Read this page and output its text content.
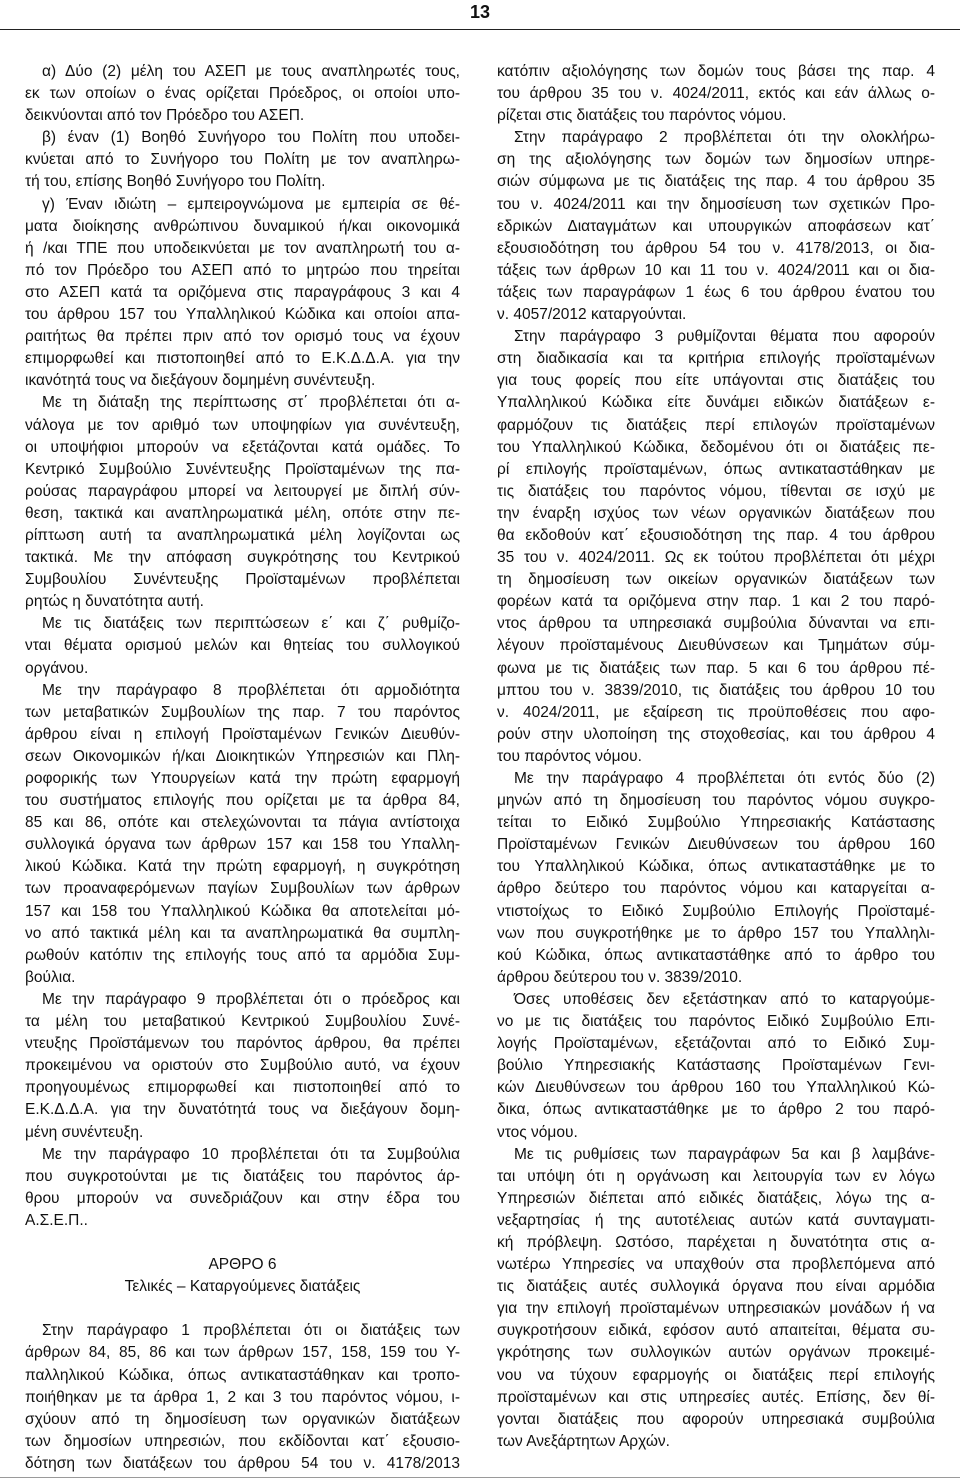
13
α) Δύο (2) μέλη του ΑΣΕΠ με τους αναπληρωτές τους,
εκ των οποίων ο ένας ορίζεται Πρόεδρος, οι οποίοι υπο-
δεικνύονται από τον Πρόεδρο του ΑΣΕΠ.
β) έναν (1) Βοηθό Συνήγορο του Πολίτη που υποδει-
κνύεται από το Συνήγορο του Πολίτη με τον αναπληρω-
τή του, επίσης Βοηθό Συνήγορο του Πολίτη.
γ) Έναν ιδιώτη – εμπειρογνώμονα με εμπειρία σε θέ-
ματα διοίκησης ανθρώπινου δυναμικού ή/και οικονομικά
ή /και ΤΠΕ που υποδεικνύεται με τον αναπληρωτή του α-
πό τον Πρόεδρο του ΑΣΕΠ από το μητρώο που τηρείται
στο ΑΣΕΠ κατά τα οριζόμενα στις παραγράφους 3 και 4
του άρθρου 157 του Υπαλληλικού Κώδικα και οποίοι απα-
ραιτήτως θα πρέπει πριν από τον ορισμό τους να έχουν
επιμορφωθεί και πιστοποιηθεί από το Ε.Κ.Δ.Δ.Α. για την
ικανότητά τους να διεξάγουν δομημένη συνέντευξη.
Με τη διάταξη της περίπτωσης στ΄ προβλέπεται ότι α-
νάλογα με τον αριθμό των υποψηφίων για συνέντευξη,
οι υποψήφιοι μπορούν να εξετάζονται κατά ομάδες. Το
Κεντρικό Συμβούλιο Συνέντευξης Προϊσταμένων της πα-
ρούσας παραγράφου μπορεί να λειτουργεί με διπλή σύν-
θεση, τακτικά και αναπληρωματικά μέλη, οπότε στην πε-
ρίπτωση αυτή τα αναπληρωματικά μέλη λογίζονται ως
τακτικά. Με την απόφαση συγκρότησης του Κεντρικού
Συμβουλίου Συνέντευξης Προϊσταμένων προβλέπεται
ρητώς η δυνατότητα αυτή.
Με τις διατάξεις των περιπτώσεων ε΄ και ζ΄ ρυθμίζο-
νται θέματα ορισμού μελών και θητείας του συλλογικού
οργάνου.
Με την παράγραφο 8 προβλέπεται ότι αρμοδιότητα
των μεταβατικών Συμβουλίων της παρ. 7 του παρόντος
άρθρου είναι η επιλογή Προϊσταμένων Γενικών Διευθύν-
σεων Οικονομικών ή/και Διοικητικών Υπηρεσιών και Πλη-
ροφορικής των Υπουργείων κατά την πρώτη εφαρμογή
του συστήματος επιλογής που ορίζεται με τα άρθρα 84,
85 και 86, οπότε και στελεχώνονται τα πάγια αντίστοιχα
συλλογικά όργανα των άρθρων 157 και 158 του Υπαλλη-
λικού Κώδικα. Κατά την πρώτη εφαρμογή, η συγκρότηση
των προαναφερόμενων παγίων Συμβουλίων των άρθρων
157 και 158 του Υπαλληλικού Κώδικα θα αποτελείται μό-
νο από τακτικά μέλη και τα αναπληρωματικά θα συμπλη-
ρωθούν κατόπιν της επιλογής τους από τα αρμόδια Συμ-
βούλια.
Με την παράγραφο 9 προβλέπεται ότι ο πρόεδρος και
τα μέλη του μεταβατικού Κεντρικού Συμβουλίου Συνέ-
ντευξης Προϊστάμενων του παρόντος άρθρου, θα πρέπει
προκειμένου να οριστούν στο Συμβούλιο αυτό, να έχουν
προηγουμένως επιμορφωθεί και πιστοποιηθεί από το
Ε.Κ.Δ.Δ.Α. για την δυνατότητά τους να διεξάγουν δομη-
μένη συνέντευξη.
Με την παράγραφο 10 προβλέπεται ότι τα Συμβούλια
που συγκροτούνται με τις διατάξεις του παρόντος άρ-
θρου μπορούν να συνεδριάζουν και στην έδρα του
Α.Σ.Ε.Π..
ΑΡΘΡΟ 6
Τελικές – Καταργούμενες διατάξεις
Στην παράγραφο 1 προβλέπεται ότι οι διατάξεις των
άρθρων 84, 85, 86 και των άρθρων 157, 158, 159 του Υ-
παλληλικού Κώδικα, όπως αντικαταστάθηκαν και τροπο-
ποιήθηκαν με τα άρθρα 1, 2 και 3 του παρόντος νόμου, ι-
σχύουν από τη δημοσίευση των οργανικών διατάξεων
των δημοσίων υπηρεσιών, που εκδίδονται κατ΄ εξουσιο-
δότηση των διατάξεων του άρθρου 54 του ν. 4178/2013
κατόπιν αξιολόγησης των δομών τους βάσει της παρ. 4
του άρθρου 35 του ν. 4024/2011, εκτός και εάν άλλως ο-
ρίζεται στις διατάξεις του παρόντος νόμου.
Στην παράγραφο 2 προβλέπεται ότι την ολοκλήρω-
ση της αξιολόγησης των δομών των δημοσίων υπηρε-
σιών σύμφωνα με τις διατάξεις της παρ. 4 του άρθρου 35
του ν. 4024/2011 και την δημοσίευση των σχετικών Προ-
εδρικών Διαταγμάτων και υπουργικών αποφάσεων κατ΄
εξουσιοδότηση του άρθρου 54 του ν. 4178/2013, οι δια-
τάξεις των άρθρων 10 και 11 του ν. 4024/2011 και οι δια-
τάξεις των παραγράφων 1 έως 6 του άρθρου ένατου του
ν. 4057/2012 καταργούνται.
Στην παράγραφο 3 ρυθμίζονται θέματα που αφορούν
στη διαδικασία και τα κριτήρια επιλογής προϊσταμένων
για τους φορείς που είτε υπάγονται στις διατάξεις του
Υπαλληλικού Κώδικα είτε δυνάμει ειδικών διατάξεων ε-
φαρμόζουν τις διατάξεις περί επιλογών προϊσταμένων
του Υπαλληλικού Κώδικα, δεδομένου ότι οι διατάξεις πε-
ρί επιλογής προϊσταμένων, όπως αντικαταστάθηκαν με
τις διατάξεις του παρόντος νόμου, τίθενται σε ισχύ με
την έναρξη ισχύος των νέων οργανικών διατάξεων που
θα εκδοθούν κατ΄ εξουσιοδότηση της παρ. 4 του άρθρου
35 του ν. 4024/2011. Ως εκ τούτου προβλέπεται ότι μέχρι
τη δημοσίευση των οικείων οργανικών διατάξεων των
φορέων κατά τα οριζόμενα στην παρ. 1 και 2 του παρό-
ντος άρθρου τα υπηρεσιακά συμβούλια δύνανται να επι-
λέγουν προϊσταμένους Διευθύνσεων και Τμημάτων σύμ-
φωνα με τις διατάξεις των παρ. 5 και 6 του άρθρου πέ-
μπτου του ν. 3839/2010, τις διατάξεις του άρθρου 10 του
ν. 4024/2011, με εξαίρεση τις προϋποθέσεις που αφο-
ρούν στην υλοποίηση της στοχοθεσίας, και του άρθρου 4
του παρόντος νόμου.
Με την παράγραφο 4 προβλέπεται ότι εντός δύο (2)
μηνών από τη δημοσίευση του παρόντος νόμου συγκρο-
τείται το Ειδικό Συμβούλιο Υπηρεσιακής Κατάστασης
Προϊσταμένων Γενικών Διευθύνσεων του άρθρου 160
του Υπαλληλικού Κώδικα, όπως αντικαταστάθηκε με το
άρθρο δεύτερο του παρόντος νόμου και καταργείται α-
ντιστοίχως το Ειδικό Συμβούλιο Επιλογής Προϊσταμέ-
νων που συγκροτήθηκε με το άρθρο 157 του Υπαλληλι-
κού Κώδικα, όπως αντικαταστάθηκε από το άρθρο του
άρθρου δεύτερου του ν. 3839/2010.
Όσες υποθέσεις δεν εξετάστηκαν από το καταργούμε-
νο με τις διατάξεις του παρόντος Ειδικό Συμβούλιο Επι-
λογής Προϊσταμένων, εξετάζονται από το Ειδικό Συμ-
βούλιο Υπηρεσιακής Κατάστασης Προϊσταμένων Γενι-
κών Διευθύνσεων του άρθρου 160 του Υπαλληλικού Κώ-
δικα, όπως αντικαταστάθηκε με το άρθρο 2 του παρό-
ντος νόμου.
Με τις ρυθμίσεις των παραγράφων 5α και β λαμβάνε-
ται υπόψη ότι η οργάνωση και λειτουργία των εν λόγω
Υπηρεσιών διέπεται από ειδικές διατάξεις, λόγω της α-
νεξαρτησίας ή της αυτοτέλειας αυτών κατά συνταγματι-
κή πρόβλεψη. Ωστόσο, παρέχεται η δυνατότητα στις α-
νωτέρω Υπηρεσίες να υπαχθούν στα προβλεπόμενα από
τις διατάξεις αυτές συλλογικά όργανα που είναι αρμόδια
για την επιλογή προϊσταμένων υπηρεσιακών μονάδων ή να
συγκροτήσουν ειδικά, εφόσον αυτό απαιτείται, θέματα συ-
γκρότησης των συλλογικών αυτών οργάνων προκειμέ-
νου να τύχουν εφαρμογής οι διατάξεις περί επιλογής
προϊσταμένων και στις υπηρεσίες αυτές. Επίσης, δεν θί-
γονται διατάξεις που αφορούν υπηρεσιακά συμβούλια
των Ανεξάρτητων Αρχών.
